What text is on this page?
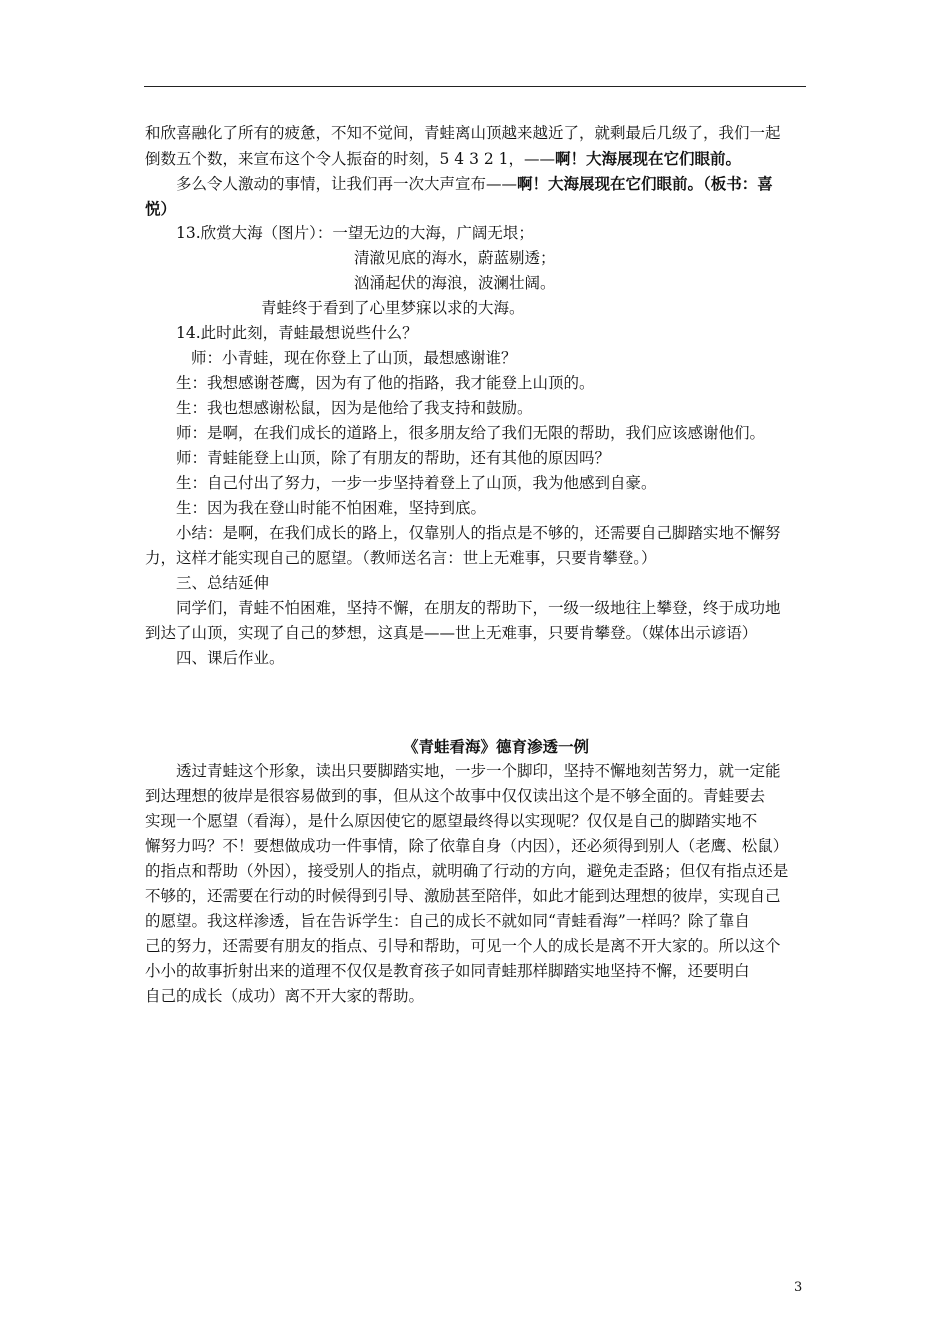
和欣喜融化了所有的疲惫，不知不觉间，青蛙离山顶越来越近了，就剩最后几级了，我们一起
倒数五个数，来宣布这个令人振奋的时刻，5 4 3 2 1，——啊！大海展现在它们眼前。
多么令人激动的事情，让我们再一次大声宣布——啊！大海展现在它们眼前。（板书：喜
悦）
13.欣赏大海（图片）：一望无边的大海，广阔无垠；
清澈见底的海水，蔚蓝剔透；
汹涌起伏的海浪，波澜壮阔。
青蛙终于看到了心里梦寐以求的大海。
14.此时此刻，青蛙最想说些什么？
师：小青蛙，现在你登上了山顶，最想感谢谁？
生：我想感谢苍鹰，因为有了他的指路，我才能登上山顶的。
生：我也想感谢松鼠，因为是他给了我支持和鼓励。
师：是啊，在我们成长的道路上，很多朋友给了我们无限的帮助，我们应该感谢他们。
师：青蛙能登上山顶，除了有朋友的帮助，还有其他的原因吗？
生：自己付出了努力，一步一步坚持着登上了山顶，我为他感到自豪。
生：因为我在登山时能不怕困难，坚持到底。
小结：是啊，在我们成长的路上，仅靠别人的指点是不够的，还需要自己脚踏实地不懈努
力，这样才能实现自己的愿望。（教师送名言：世上无难事，只要肯攀登。）
三、总结延伸
同学们，青蛙不怕困难，坚持不懈，在朋友的帮助下，一级一级地往上攀登，终于成功地
到达了山顶，实现了自己的梦想，这真是——世上无难事，只要肯攀登。（媒体出示谚语）
四、课后作业。
《青蛙看海》德育渗透一例
透过青蛙这个形象，读出只要脚踏实地，一步一个脚印，坚持不懈地刻苦努力，就一定能
到达理想的彼岸是很容易做到的事，但从这个故事中仅仅读出这个是不够全面的。青蛙要去
实现一个愿望（看海），是什么原因使它的愿望最终得以实现呢？仅仅是自己的脚踏实地不
懈努力吗？不！要想做成功一件事情，除了依靠自身（内因），还必须得到别人（老鹰、松鼠）
的指点和帮助（外因），接受别人的指点，就明确了行动的方向，避免走歪路；但仅有指点还是
不够的，还需要在行动的时候得到引导、激励甚至陪伴，如此才能到达理想的彼岸，实现自己
的愿望。我这样渗透，旨在告诉学生：自己的成长不就如同“青蛙看海”一样吗？除了靠自
己的努力，还需要有朋友的指点、引导和帮助，可见一个人的成长是离不开大家的。所以这个
小小的故事折射出来的道理不仅仅是教育孩子如同青蛙那样脚踏实地坚持不懈，还要明白
自己的成长（成功）离不开大家的帮助。
3
